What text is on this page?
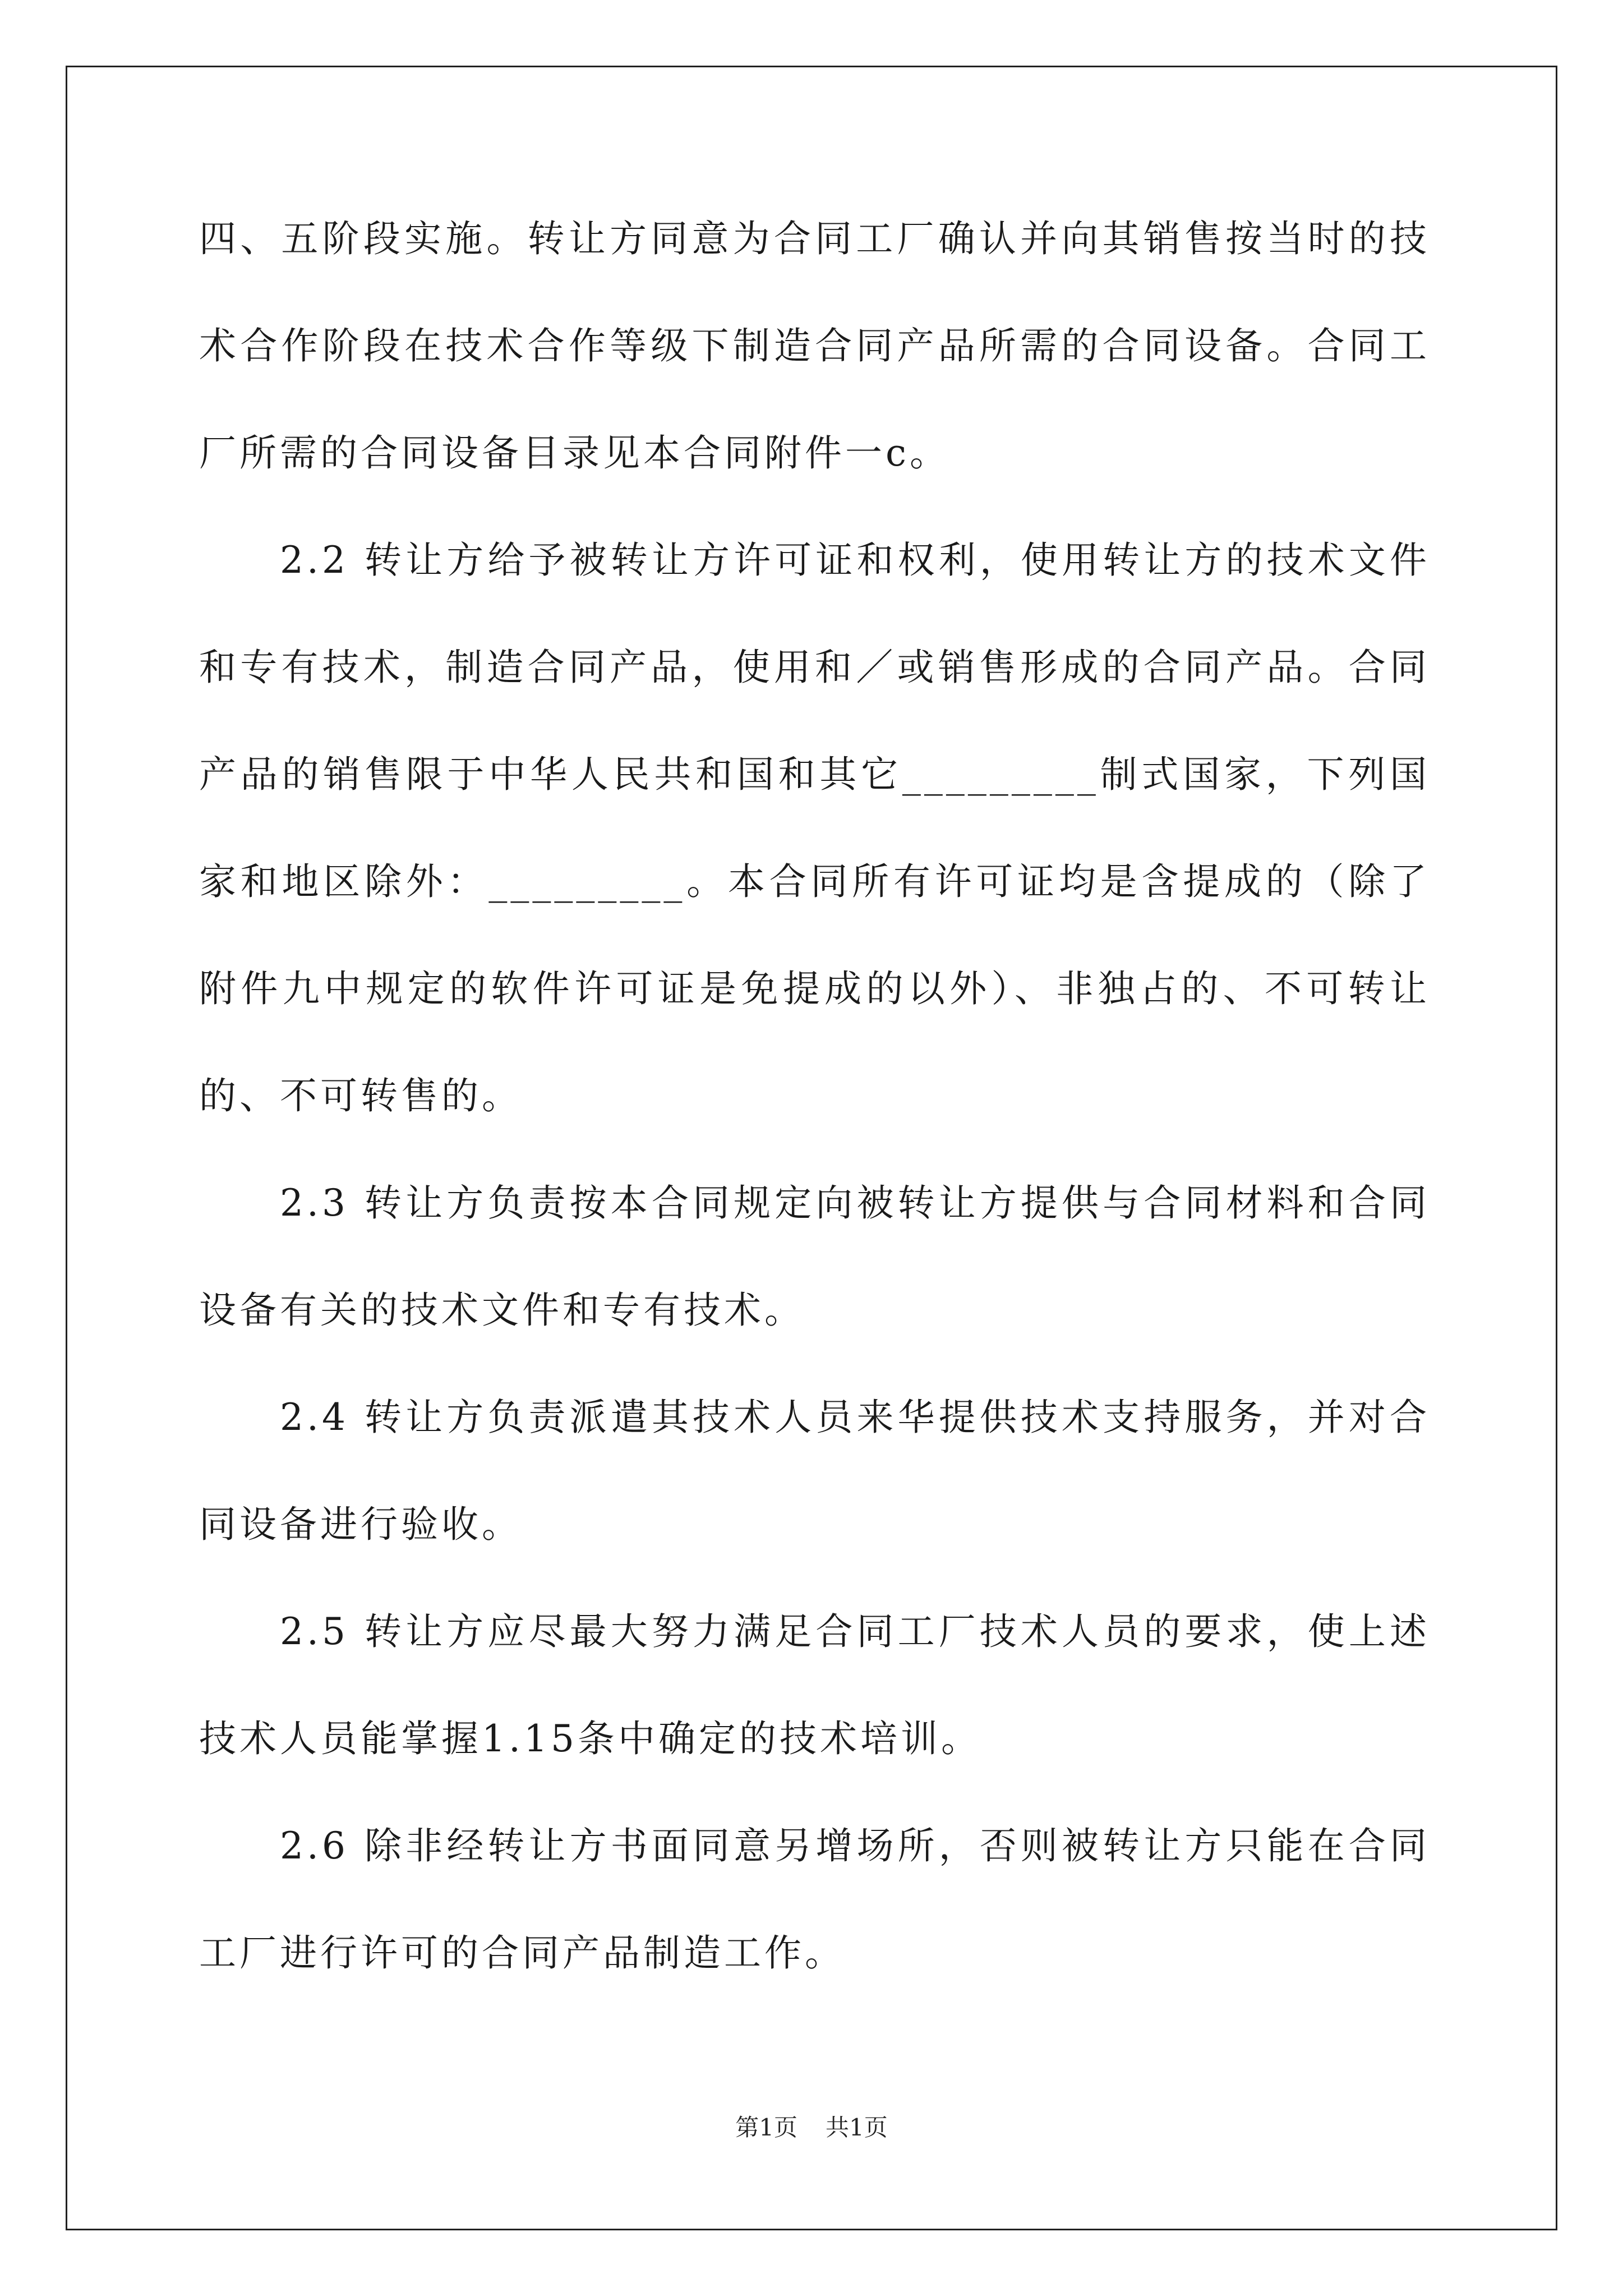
四、五阶段实施。转让方同意为合同工厂确认并向其销售按当时的技术合作阶段在技术合作等级下制造合同产品所需的合同设备。合同工厂所需的合同设备目录见本合同附件一c。

2.2 转让方给予被转让方许可证和权利，使用转让方的技术文件和专有技术，制造合同产品，使用和／或销售形成的合同产品。合同产品的销售限于中华人民共和国和其它_________制式国家，下列国家和地区除外：_________。本合同所有许可证均是含提成的（除了附件九中规定的软件许可证是免提成的以外）、非独占的、不可转让的、不可转售的。

2.3 转让方负责按本合同规定向被转让方提供与合同材料和合同设备有关的技术文件和专有技术。

2.4 转让方负责派遣其技术人员来华提供技术支持服务，并对合同设备进行验收。

2.5 转让方应尽最大努力满足合同工厂技术人员的要求，使上述技术人员能掌握1.15条中确定的技术培训。

2.6 除非经转让方书面同意另增场所，否则被转让方只能在合同工厂进行许可的合同产品制造工作。

第1页 共1页
